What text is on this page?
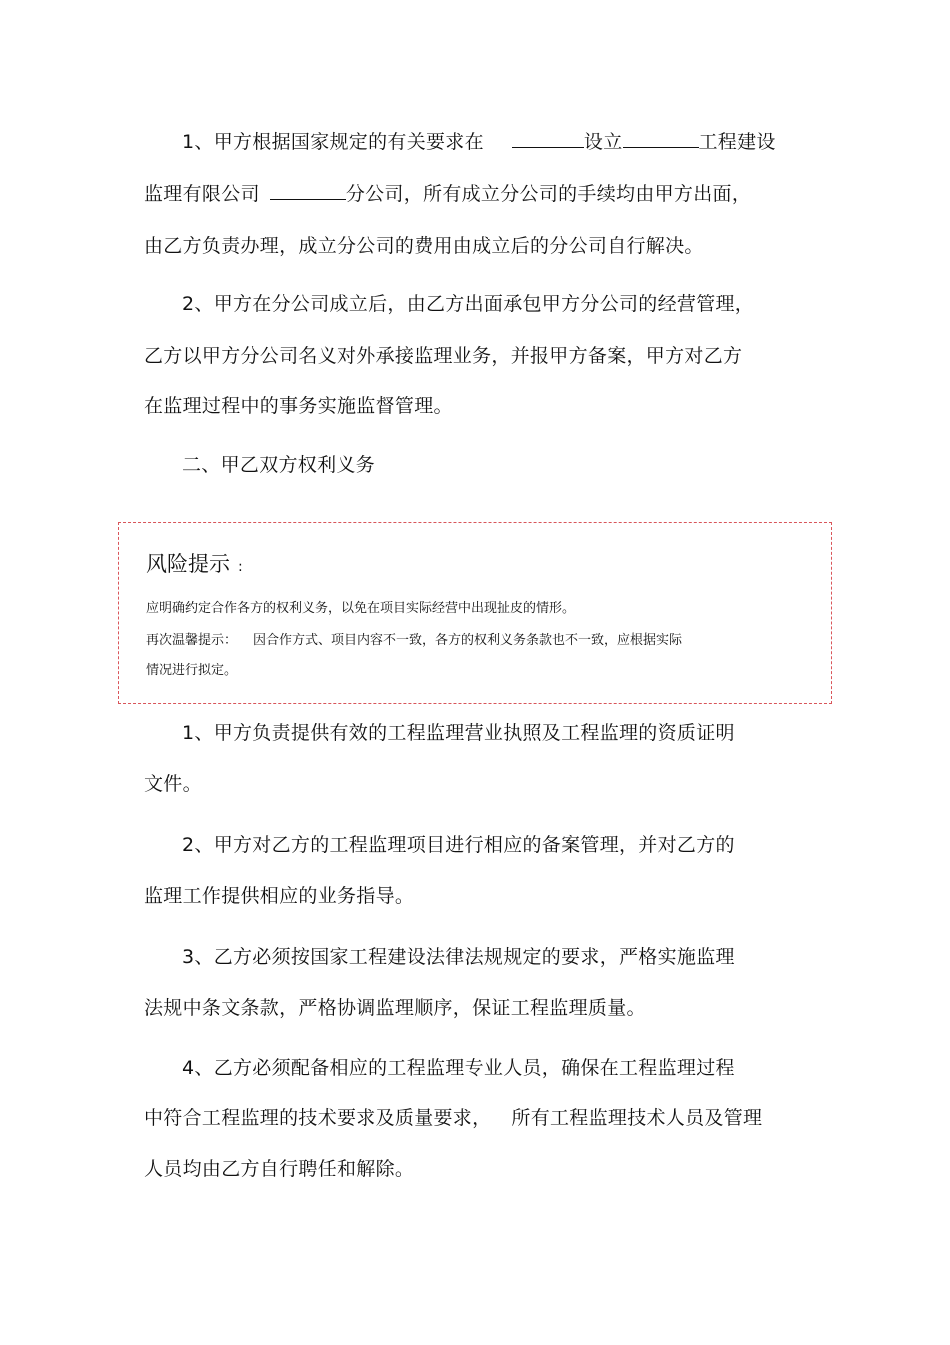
1、甲方根据国家规定的有关要求在	设立	工程建设
监理有限公司	分公司，所有成立分公司的手续均由甲方出面，
由乙方负责办理，成立分公司的费用由成立后的分公司自行解决。
2、甲方在分公司成立后，由乙方出面承包甲方分公司的经营管理，
乙方以甲方分公司名义对外承接监理业务，并报甲方备案，甲方对乙方
在监理过程中的事务实施监督管理。
二、甲乙双方权利义务
风险提示 :
应明确约定合作各方的权利义务，以免在项目实际经营中出现扯皮的情形。
再次温馨提示： 因合作方式、项目内容不一致，各方的权利义务条款也不一致，应根据实际
情况进行拟定。
1、甲方负责提供有效的工程监理营业执照及工程监理的资质证明
文件。
2、甲方对乙方的工程监理项目进行相应的备案管理，并对乙方的
监理工作提供相应的业务指导。
3、乙方必须按国家工程建设法律法规规定的要求，严格实施监理
法规中条文条款，严格协调监理顺序，保证工程监理质量。
4、乙方必须配备相应的工程监理专业人员，确保在工程监理过程
中符合工程监理的技术要求及质量要求， 所有工程监理技术人员及管理
人员均由乙方自行聘任和解除。
